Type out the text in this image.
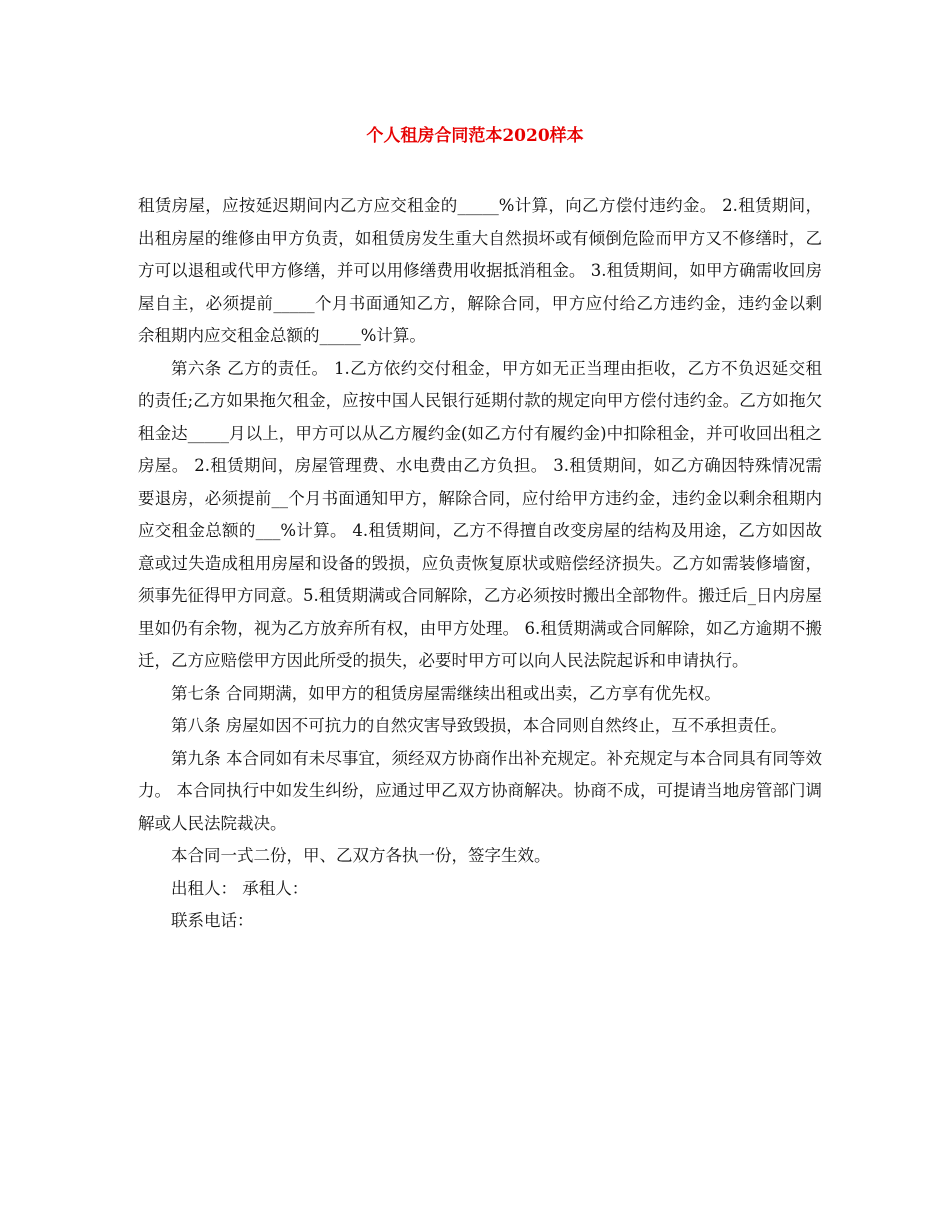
个人租房合同范本2020样本

租赁房屋，应按延迟期间内乙方应交租金的_____%计算，向乙方偿付违约金。 2.租赁期间，出租房屋的维修由甲方负责，如租赁房发生重大自然损坏或有倾倒危险而甲方又不修缮时，乙方可以退租或代甲方修缮，并可以用修缮费用收据抵消租金。 3.租赁期间，如甲方确需收回房屋自主，必须提前_____个月书面通知乙方，解除合同，甲方应付给乙方违约金，违约金以剩余租期内应交租金总额的_____%计算。

第六条 乙方的责任。 1.乙方依约交付租金，甲方如无正当理由拒收，乙方不负迟延交租的责任;乙方如果拖欠租金，应按中国人民银行延期付款的规定向甲方偿付违约金。乙方如拖欠租金达_____月以上，甲方可以从乙方履约金(如乙方付有履约金)中扣除租金，并可收回出租之房屋。 2.租赁期间，房屋管理费、水电费由乙方负担。 3.租赁期间，如乙方确因特殊情况需要退房，必须提前__个月书面通知甲方，解除合同，应付给甲方违约金，违约金以剩余租期内应交租金总额的___%计算。 4.租赁期间，乙方不得擅自改变房屋的结构及用途，乙方如因故意或过失造成租用房屋和设备的毁损，应负责恢复原状或赔偿经济损失。乙方如需装修墙窗，须事先征得甲方同意。5.租赁期满或合同解除，乙方必须按时搬出全部物件。搬迁后_日内房屋里如仍有余物，视为乙方放弃所有权，由甲方处理。 6.租赁期满或合同解除，如乙方逾期不搬迁，乙方应赔偿甲方因此所受的损失，必要时甲方可以向人民法院起诉和申请执行。

第七条 合同期满，如甲方的租赁房屋需继续出租或出卖，乙方享有优先权。

第八条 房屋如因不可抗力的自然灾害导致毁损，本合同则自然终止，互不承担责任。

第九条 本合同如有未尽事宜，须经双方协商作出补充规定。补充规定与本合同具有同等效力。 本合同执行中如发生纠纷，应通过甲乙双方协商解决。协商不成，可提请当地房管部门调解或人民法院裁决。

本合同一式二份，甲、乙双方各执一份，签字生效。

出租人： 承租人：

联系电话：
